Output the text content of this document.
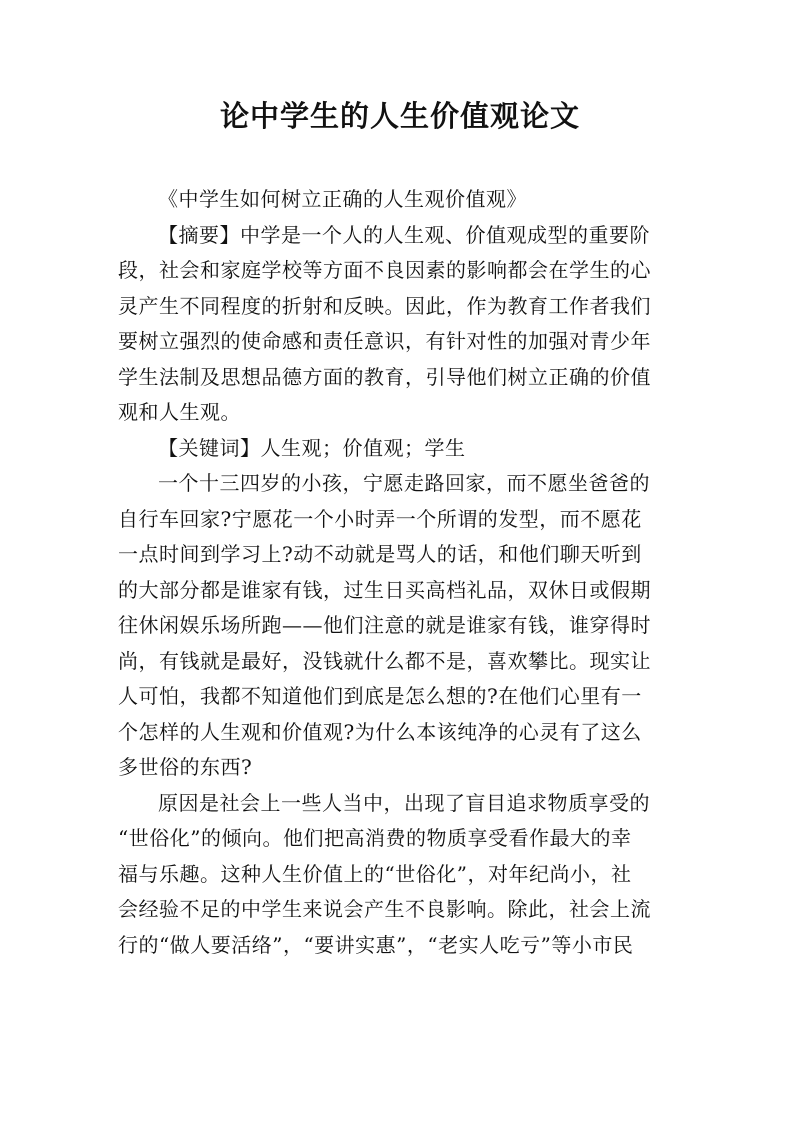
论中学生的人生价值观论文
《中学生如何树立正确的人生观价值观》
【摘要】中学是一个人的人生观、价值观成型的重要阶
段，社会和家庭学校等方面不良因素的影响都会在学生的心
灵产生不同程度的折射和反映。因此，作为教育工作者我们
要树立强烈的使命感和责任意识，有针对性的加强对青少年
学生法制及思想品德方面的教育，引导他们树立正确的价值
观和人生观。
【关键词】人生观；价值观；学生
一个十三四岁的小孩，宁愿走路回家，而不愿坐爸爸的
自行车回家?宁愿花一个小时弄一个所谓的发型，而不愿花
一点时间到学习上?动不动就是骂人的话，和他们聊天听到
的大部分都是谁家有钱，过生日买高档礼品，双休日或假期
往休闲娱乐场所跑——他们注意的就是谁家有钱，谁穿得时
尚，有钱就是最好，没钱就什么都不是，喜欢攀比。现实让
人可怕，我都不知道他们到底是怎么想的?在他们心里有一
个怎样的人生观和价值观?为什么本该纯净的心灵有了这么
多世俗的东西?
原因是社会上一些人当中，出现了盲目追求物质享受的
“世俗化”的倾向。他们把高消费的物质享受看作最大的幸
福与乐趣。这种人生价值上的“世俗化”，对年纪尚小，社
会经验不足的中学生来说会产生不良影响。除此，社会上流
行的“做人要活络”，“要讲实惠”，“老实人吃亏”等小市民
